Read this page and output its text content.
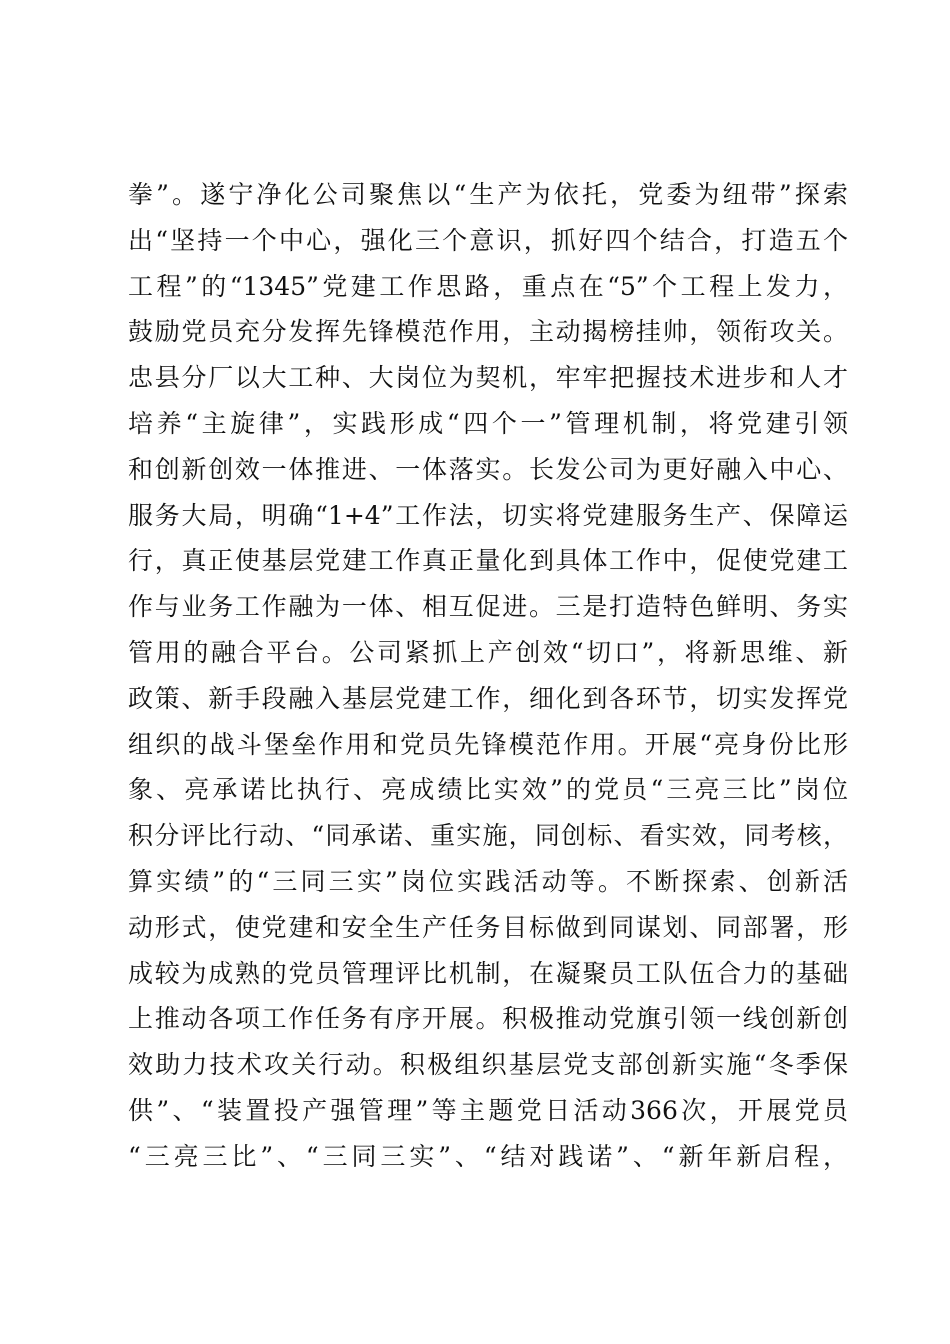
拳”。遂宁净化公司聚焦以“生产为依托，党委为纽带”探索
出“坚持一个中心，强化三个意识，抓好四个结合，打造五个
工程”的“1345”党建工作思路，重点在“5”个工程上发力，
鼓励党员充分发挥先锋模范作用，主动揭榜挂帅，领衔攻关。
忠县分厂以大工种、大岗位为契机，牢牢把握技术进步和人才
培养“主旋律”，实践形成“四个一”管理机制，将党建引领
和创新创效一体推进、一体落实。长发公司为更好融入中心、
服务大局，明确“1+4”工作法，切实将党建服务生产、保障运
行，真正使基层党建工作真正量化到具体工作中，促使党建工
作与业务工作融为一体、相互促进。三是打造特色鲜明、务实
管用的融合平台。公司紧抓上产创效“切口”，将新思维、新
政策、新手段融入基层党建工作，细化到各环节，切实发挥党
组织的战斗堡垒作用和党员先锋模范作用。开展“亮身份比形
象、亮承诺比执行、亮成绩比实效”的党员“三亮三比”岗位
积分评比行动、“同承诺、重实施，同创标、看实效，同考核，
算实绩”的“三同三实”岗位实践活动等。不断探索、创新活
动形式，使党建和安全生产任务目标做到同谋划、同部署，形
成较为成熟的党员管理评比机制，在凝聚员工队伍合力的基础
上推动各项工作任务有序开展。积极推动党旗引领一线创新创
效助力技术攻关行动。积极组织基层党支部创新实施“冬季保
供”、“装置投产强管理”等主题党日活动366次，开展党员
“三亮三比”、“三同三实”、“结对践诺”、“新年新启程，
